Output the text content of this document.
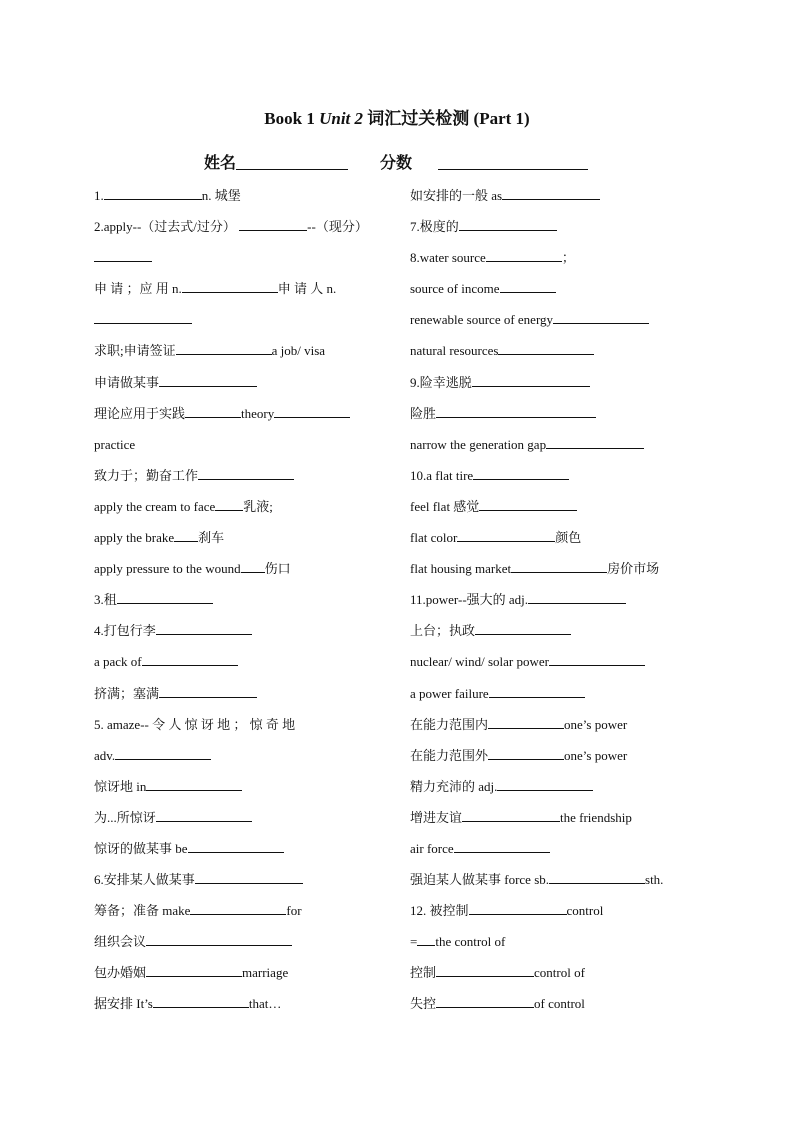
Book 1 Unit 2 词汇过关检测 (Part 1)
姓名	分数
1.	n. 城堡
2.apply--（过去式/过分）	--（现分）
申 请 ；应 用 n.	申 请 人 n.
求职;申请签证	a job/ visa
申请做某事
理论应用于实践	theory
practice
致力于；勤奋工作
apply the cream to face乳液;
apply the brake刹车
apply pressure to the wound伤口
3.租
4.打包行李
a pack of
挤满；塞满
5. amaze-- 令 人 惊 讶 地 ； 惊 奇 地
adv.
惊讶地 in
为...所惊讶
惊讶的做某事 be
6.安排某人做某事
筹备；准备 make	for
组织会议
包办婚姻	marriage
据安排 It’s	that…
如安排的一般 as
7.极度的
8.water source	；
source of income
renewable source of energy
natural resources
9.险幸逃脱
险胜
narrow the generation gap
10.a flat tire
feel flat 感觉
flat color	颜色
flat housing market	房价市场
11.power--强大的 adj.
上台；执政
nuclear/ wind/ solar power
a power failure
在能力范围内	one’s power
在能力范围外	one’s power
精力充沛的 adj.
增进友谊	the friendship
air force
强迫某人做某事 force sb.	sth.
12. 被控制	control
= the control of
控制	control of
失控	of control
